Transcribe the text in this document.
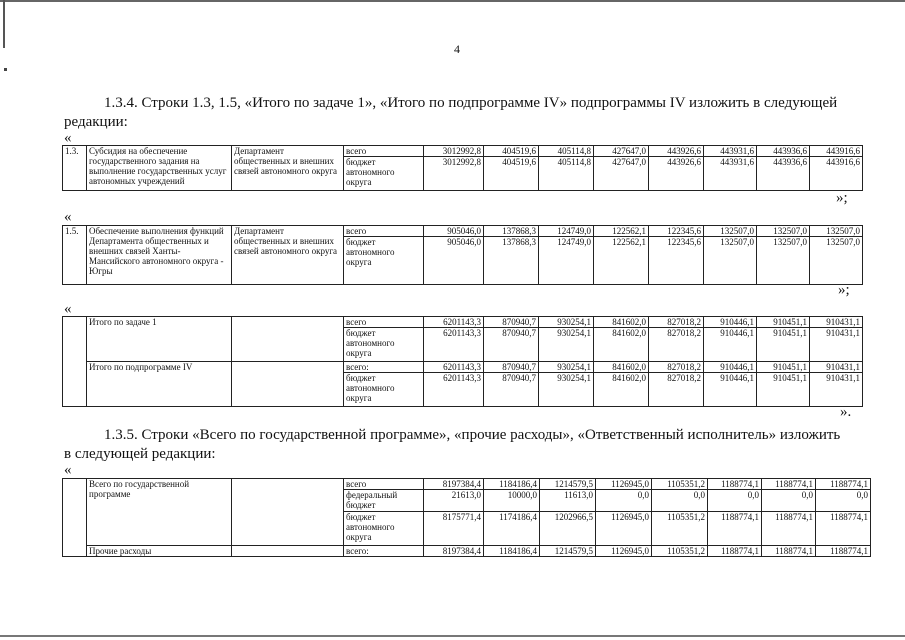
4
1.3.4. Строки 1.3, 1.5, «Итого по задаче 1», «Итого по подпрограмме IV» подпрограммы IV изложить в следующей
редакции:
«
1.3.	Субсидия на обеспечение государственного задания на выполнение государственных услуг автономных учреждений	Департамент общественных и внешних связей автономного округа	всего	3012992,8	404519,6	405114,8	427647,0	443926,6	443931,6	443936,6	443916,6
			бюджет автономного округа	3012992,8	404519,6	405114,8	427647,0	443926,6	443931,6	443936,6	443916,6
»;
«
1.5.	Обеспечение выполнения функций Департамента общественных и внешних связей Ханты-Мансийского автономного округа - Югры	Департамент общественных и внешних связей автономного округа	всего	905046,0	137868,3	124749,0	122562,1	122345,6	132507,0	132507,0	132507,0
			бюджет автономного округа	905046,0	137868,3	124749,0	122562,1	122345,6	132507,0	132507,0	132507,0
»;
«
	Итого по задаче 1		всего	6201143,3	870940,7	930254,1	841602,0	827018,2	910446,1	910451,1	910431,1
			бюджет автономного округа	6201143,3	870940,7	930254,1	841602,0	827018,2	910446,1	910451,1	910431,1
	Итого по подпрограмме IV		всего:	6201143,3	870940,7	930254,1	841602,0	827018,2	910446,1	910451,1	910431,1
			бюджет автономного округа	6201143,3	870940,7	930254,1	841602,0	827018,2	910446,1	910451,1	910431,1
».
1.3.5. Строки «Всего по государственной программе», «прочие расходы», «Ответственный исполнитель» изложить
в следующей редакции:
«
	Всего по государственной программе		всего	8197384,4	1184186,4	1214579,5	1126945,0	1105351,2	1188774,1	1188774,1	1188774,1
			федеральный бюджет	21613,0	10000,0	11613,0	0,0	0,0	0,0	0,0	0,0
			бюджет автономного округа	8175771,4	1174186,4	1202966,5	1126945,0	1105351,2	1188774,1	1188774,1	1188774,1
	Прочие расходы		всего:	8197384,4	1184186,4	1214579,5	1126945,0	1105351,2	1188774,1	1188774,1	1188774,1
